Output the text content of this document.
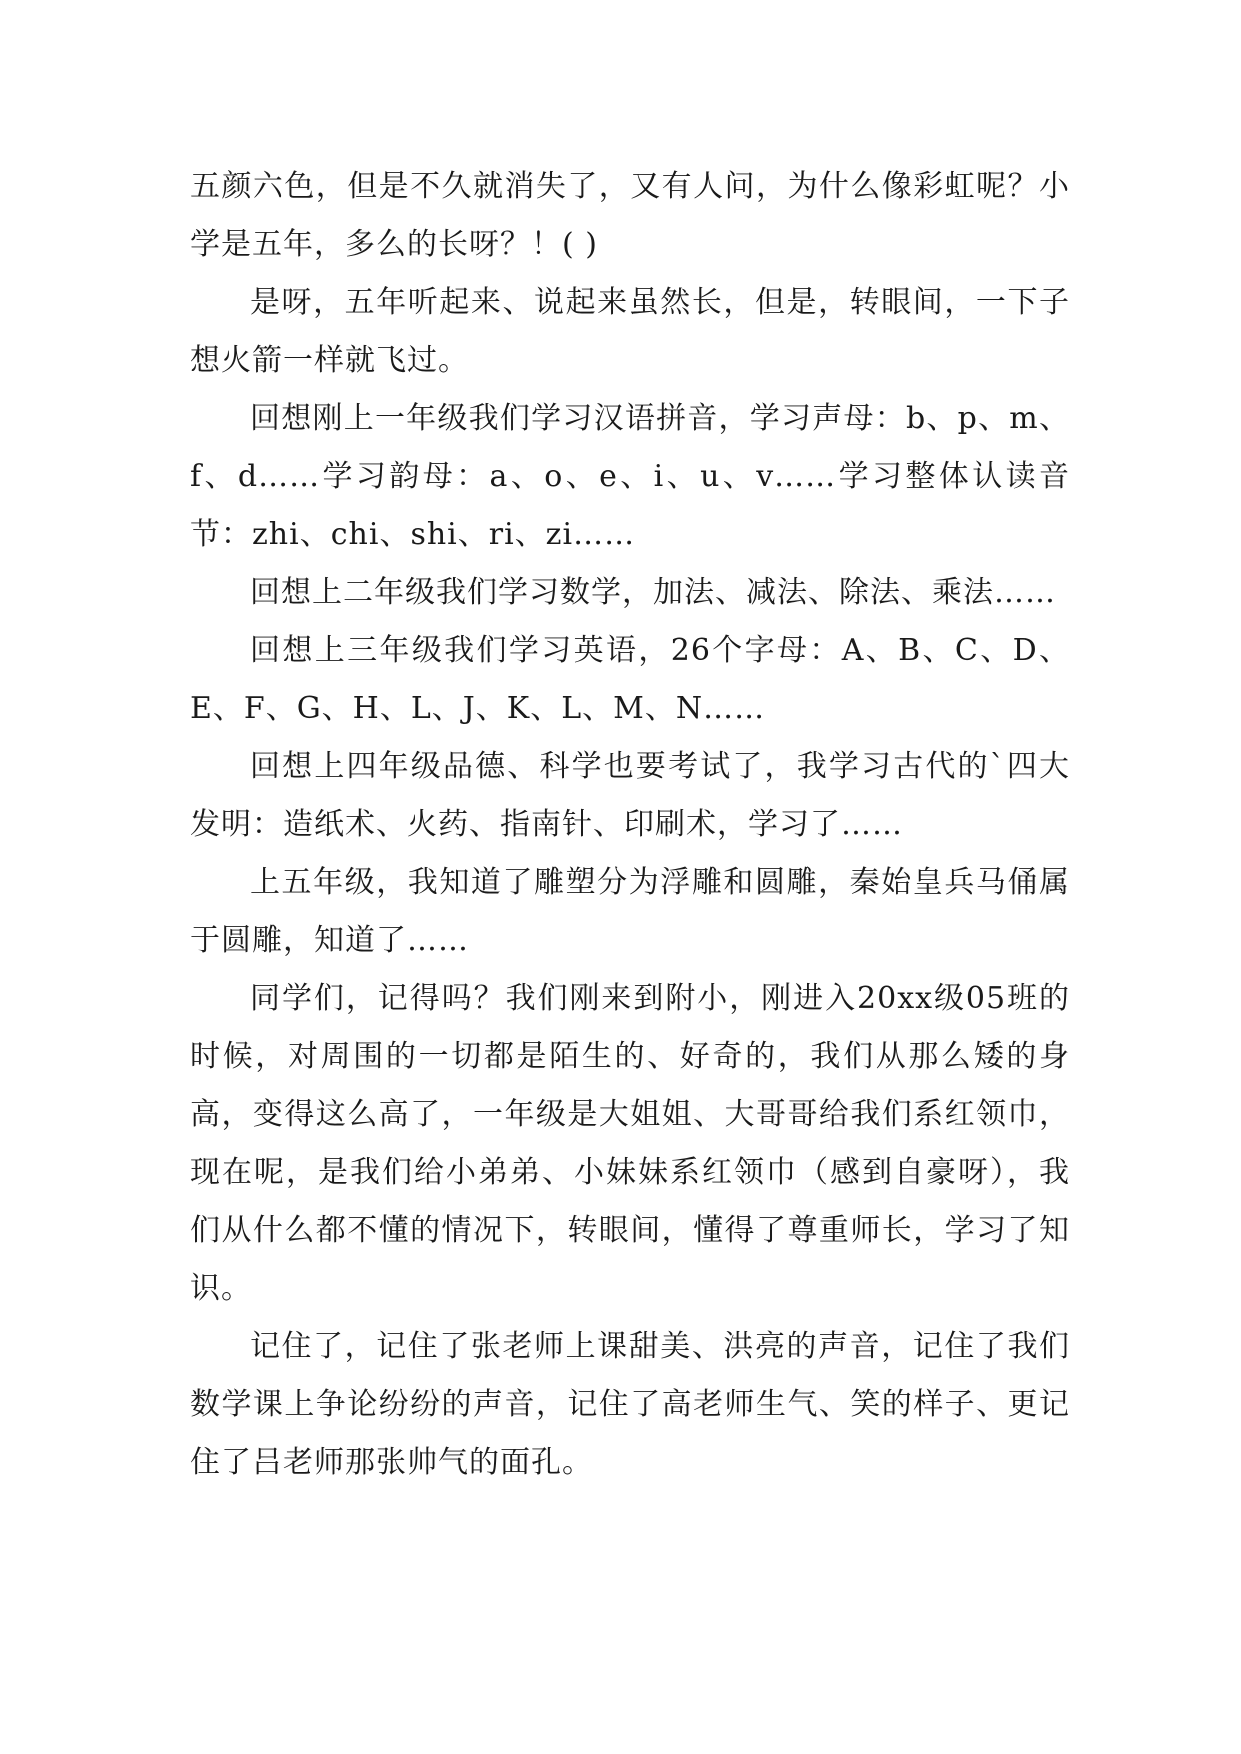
五颜六色，但是不久就消失了，又有人问，为什么像彩虹呢？小学是五年，多么的长呀？！( )

是呀，五年听起来、说起来虽然长，但是，转眼间，一下子想火箭一样就飞过。

回想刚上一年级我们学习汉语拼音，学习声母：b、p、m、f、d……学习韵母：a、o、e、i、u、v……学习整体认读音节：zhi、chi、shi、ri、zi……

回想上二年级我们学习数学，加法、减法、除法、乘法……

回想上三年级我们学习英语，26个字母：A、B、C、D、E、F、G、H、L、J、K、L、M、N……

回想上四年级品德、科学也要考试了，我学习古代的`四大发明：造纸术、火药、指南针、印刷术，学习了……

上五年级，我知道了雕塑分为浮雕和圆雕，秦始皇兵马俑属于圆雕，知道了……

同学们，记得吗？我们刚来到附小，刚进入20xx级05班的时候，对周围的一切都是陌生的、好奇的，我们从那么矮的身高，变得这么高了，一年级是大姐姐、大哥哥给我们系红领巾，现在呢，是我们给小弟弟、小妹妹系红领巾（感到自豪呀），我们从什么都不懂的情况下，转眼间，懂得了尊重师长，学习了知识。

记住了，记住了张老师上课甜美、洪亮的声音，记住了我们数学课上争论纷纷的声音，记住了高老师生气、笑的样子、更记住了吕老师那张帅气的面孔。
